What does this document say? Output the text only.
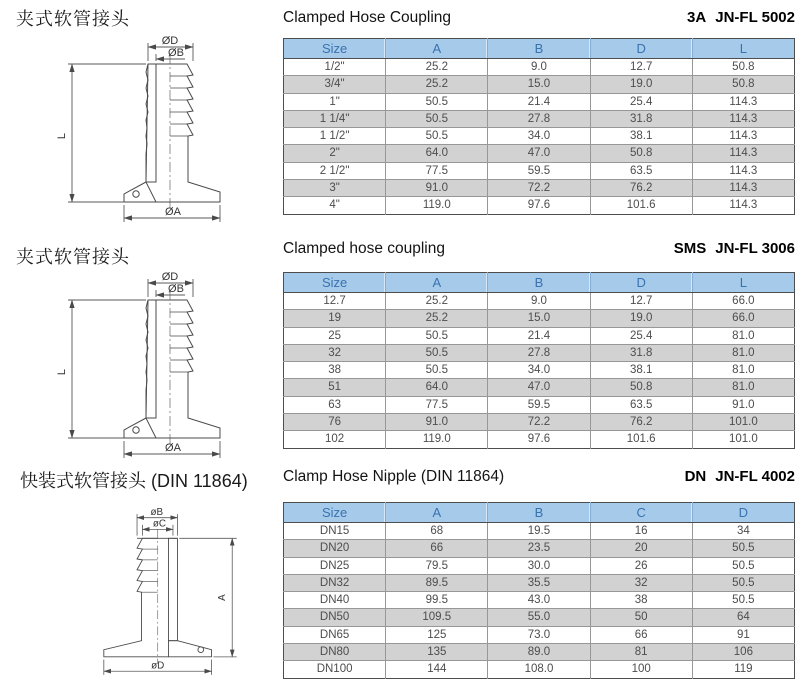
夹式软管接头
ØD
ØB
L
ØA
Clamped Hose Coupling	3A JN-FL 5002
Size	A	B	D	L
1/2"	25.2	9.0	12.7	50.8
3/4"	25.2	15.0	19.0	50.8
1"	50.5	21.4	25.4	114.3
1 1/4"	50.5	27.8	31.8	114.3
1 1/2"	50.5	34.0	38.1	114.3
2"	64.0	47.0	50.8	114.3
2 1/2"	77.5	59.5	63.5	114.3
3"	91.0	72.2	76.2	114.3
4"	119.0	97.6	101.6	114.3
夹式软管接头
ØD
ØB
L
ØA
Clamped hose coupling	SMS JN-FL 3006
Size	A	B	D	L
12.7	25.2	9.0	12.7	66.0
19	25.2	15.0	19.0	66.0
25	50.5	21.4	25.4	81.0
32	50.5	27.8	31.8	81.0
38	50.5	34.0	38.1	81.0
51	64.0	47.0	50.8	81.0
63	77.5	59.5	63.5	91.0
76	91.0	72.2	76.2	101.0
102	119.0	97.6	101.6	101.0
快装式软管接头 (DIN 11864)
øB
øC
A
øD
Clamp Hose Nipple (DIN 11864)	DN JN-FL 4002
Size	A	B	C	D
DN15	68	19.5	16	34
DN20	66	23.5	20	50.5
DN25	79.5	30.0	26	50.5
DN32	89.5	35.5	32	50.5
DN40	99.5	43.0	38	50.5
DN50	109.5	55.0	50	64
DN65	125	73.0	66	91
DN80	135	89.0	81	106
DN100	144	108.0	100	119
